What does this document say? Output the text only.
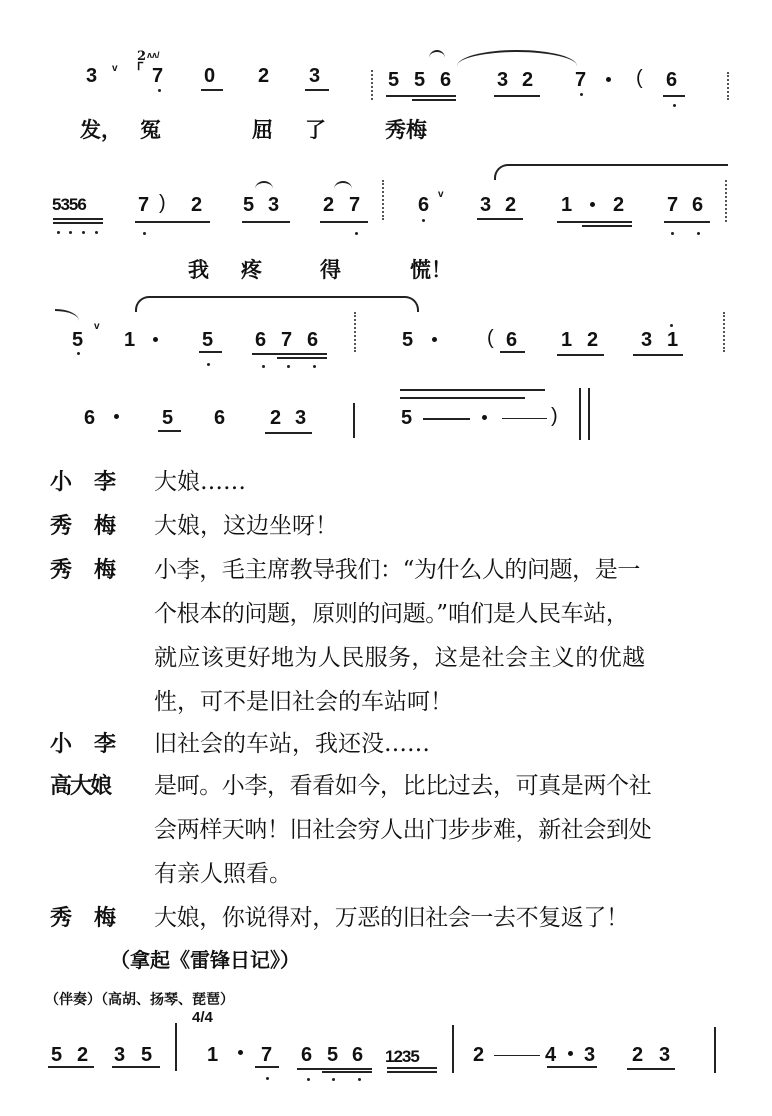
3 v
2 ʌʌ/
ᒥ 7 0 2 3	5 5 6 3 2 7 ( 6
发， 冤	屈 了	秀梅
5356	7 ) 2 5 3 2 7	6 v 3 2 1 2 7 6
我 疼	得	慌！
5
v
1	5 6 7 6	5	( 6 1 2 3 1
6	5 6 2 3	5	)
小　李 大娘……
秀　梅 大娘，这边坐呀！
秀　梅 小李，毛主席教导我们：“为什么人的问题，是一
个根本的问题，原则的问题。”咱们是人民车站，
就应该更好地为人民服务，这是社会主义的优越
性，可不是旧社会的车站呵！
小　李 旧社会的车站，我还没……
高大娘 是呵。小李，看看如今，比比过去，可真是两个社
会两样天呐！旧社会穷人出门步步难，新社会到处
有亲人照看。
秀　梅 大娘，你说得对，万恶的旧社会一去不复返了！
（拿起《雷锋日记》）
（伴奏）（高胡、扬琴、琵琶）
4/4
5 2 3 5	1 7 6 5 6 1235	2	4 3 2 3
